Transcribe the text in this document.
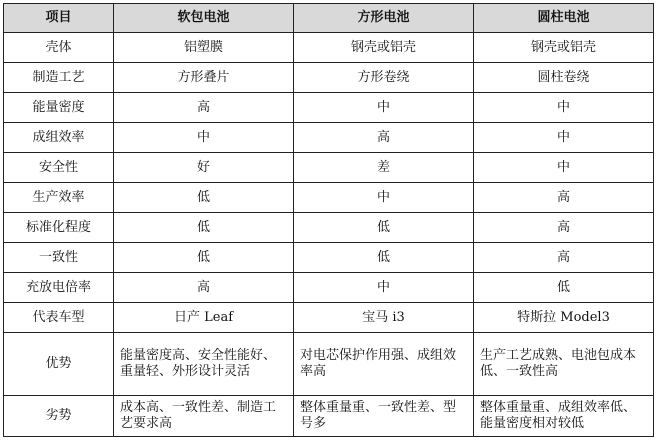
项目	软包电池	方形电池	圆柱电池
壳体	铝塑膜	钢壳或铝壳	钢壳或铝壳
制造工艺	方形叠片	方形卷绕	圆柱卷绕
能量密度	高	中	中
成组效率	中	高	中
安全性	好	差	中
生产效率	低	中	高
标准化程度	低	低	高
一致性	低	低	高
充放电倍率	高	中	低
代表车型	日产 Leaf	宝马 i3	特斯拉 Model3
优势	能量密度高、安全性能好、重量轻、外形设计灵活	对电芯保护作用强、成组效率高	生产工艺成熟、电池包成本低、一致性高
劣势	成本高、一致性差、制造工艺要求高	整体重量重、一致性差、型号多	整体重量重、成组效率低、能量密度相对较低
